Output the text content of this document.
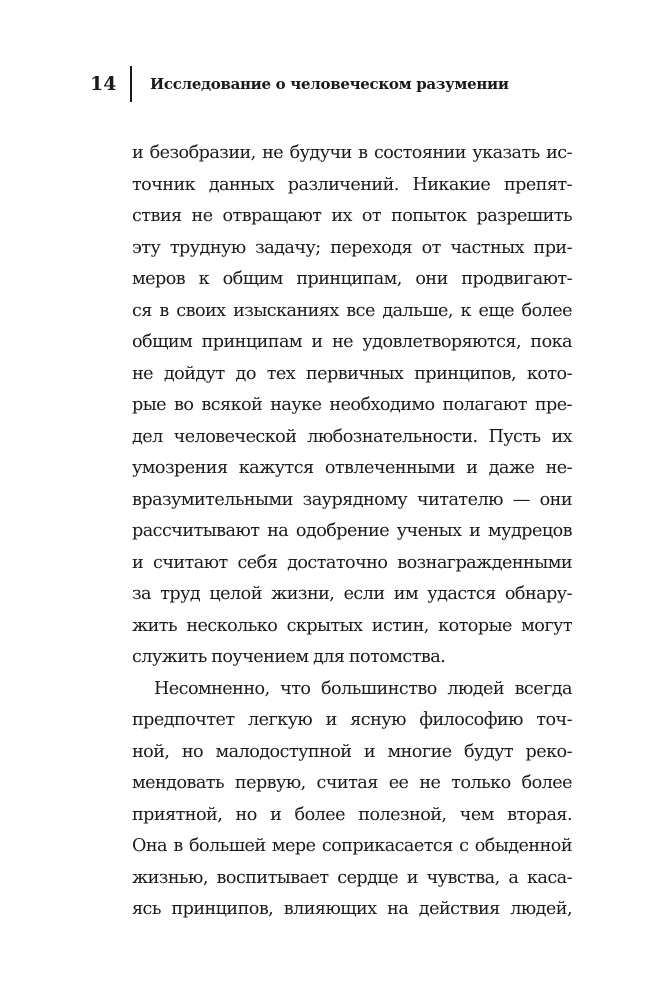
14 Исследование о человеческом разумении
и безобразии, не будучи в состоянии указать ис-
точник данных различений. Никакие препят-
ствия не отвращают их от попыток разрешить
эту трудную задачу; переходя от частных при-
меров к общим принципам, они продвигают-
ся в своих изысканиях все дальше, к еще более
общим принципам и не удовлетворяются, пока
не дойдут до тех первичных принципов, кото-
рые во всякой науке необходимо полагают пре-
дел человеческой любознательности. Пусть их
умозрения кажутся отвлеченными и даже не-
вразумительными заурядному читателю — они
рассчитывают на одобрение ученых и мудрецов
и считают себя достаточно вознагражденными
за труд целой жизни, если им удастся обнару-
жить несколько скрытых истин, которые могут
служить поучением для потомства.
Несомненно, что большинство людей всегда
предпочтет легкую и ясную философию точ-
ной, но малодоступной и многие будут реко-
мендовать первую, считая ее не только более
приятной, но и более полезной, чем вторая.
Она в большей мере соприкасается с обыденной
жизнью, воспитывает сердце и чувства, а каса-
ясь принципов, влияющих на действия людей,
